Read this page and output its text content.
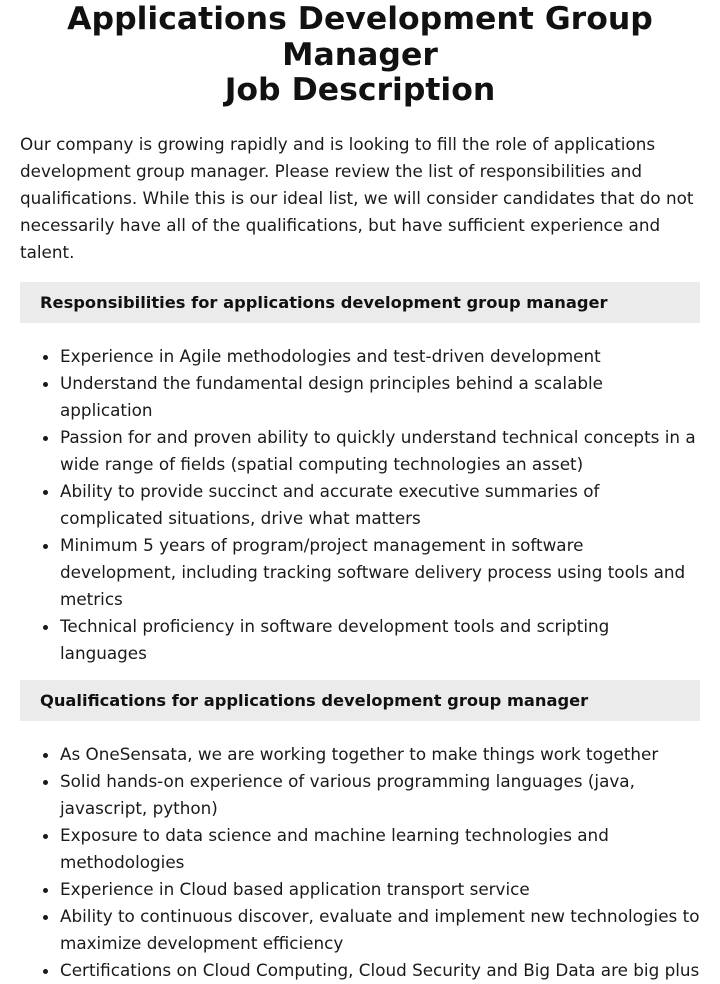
Applications Development Group Manager
Job Description

Our company is growing rapidly and is looking to fill the role of applications development group manager. Please review the list of responsibilities and qualifications. While this is our ideal list, we will consider candidates that do not necessarily have all of the qualifications, but have sufficient experience and talent.

Responsibilities for applications development group manager
• Experience in Agile methodologies and test-driven development
• Understand the fundamental design principles behind a scalable application
• Passion for and proven ability to quickly understand technical concepts in a wide range of fields (spatial computing technologies an asset)
• Ability to provide succinct and accurate executive summaries of complicated situations, drive what matters
• Minimum 5 years of program/project management in software development, including tracking software delivery process using tools and metrics
• Technical proficiency in software development tools and scripting languages
Qualifications for applications development group manager
• As OneSensata, we are working together to make things work together
• Solid hands-on experience of various programming languages (java, javascript, python)
• Exposure to data science and machine learning technologies and methodologies
• Experience in Cloud based application transport service
• Ability to continuous discover, evaluate and implement new technologies to maximize development efficiency
• Certifications on Cloud Computing, Cloud Security and Big Data are big plus
